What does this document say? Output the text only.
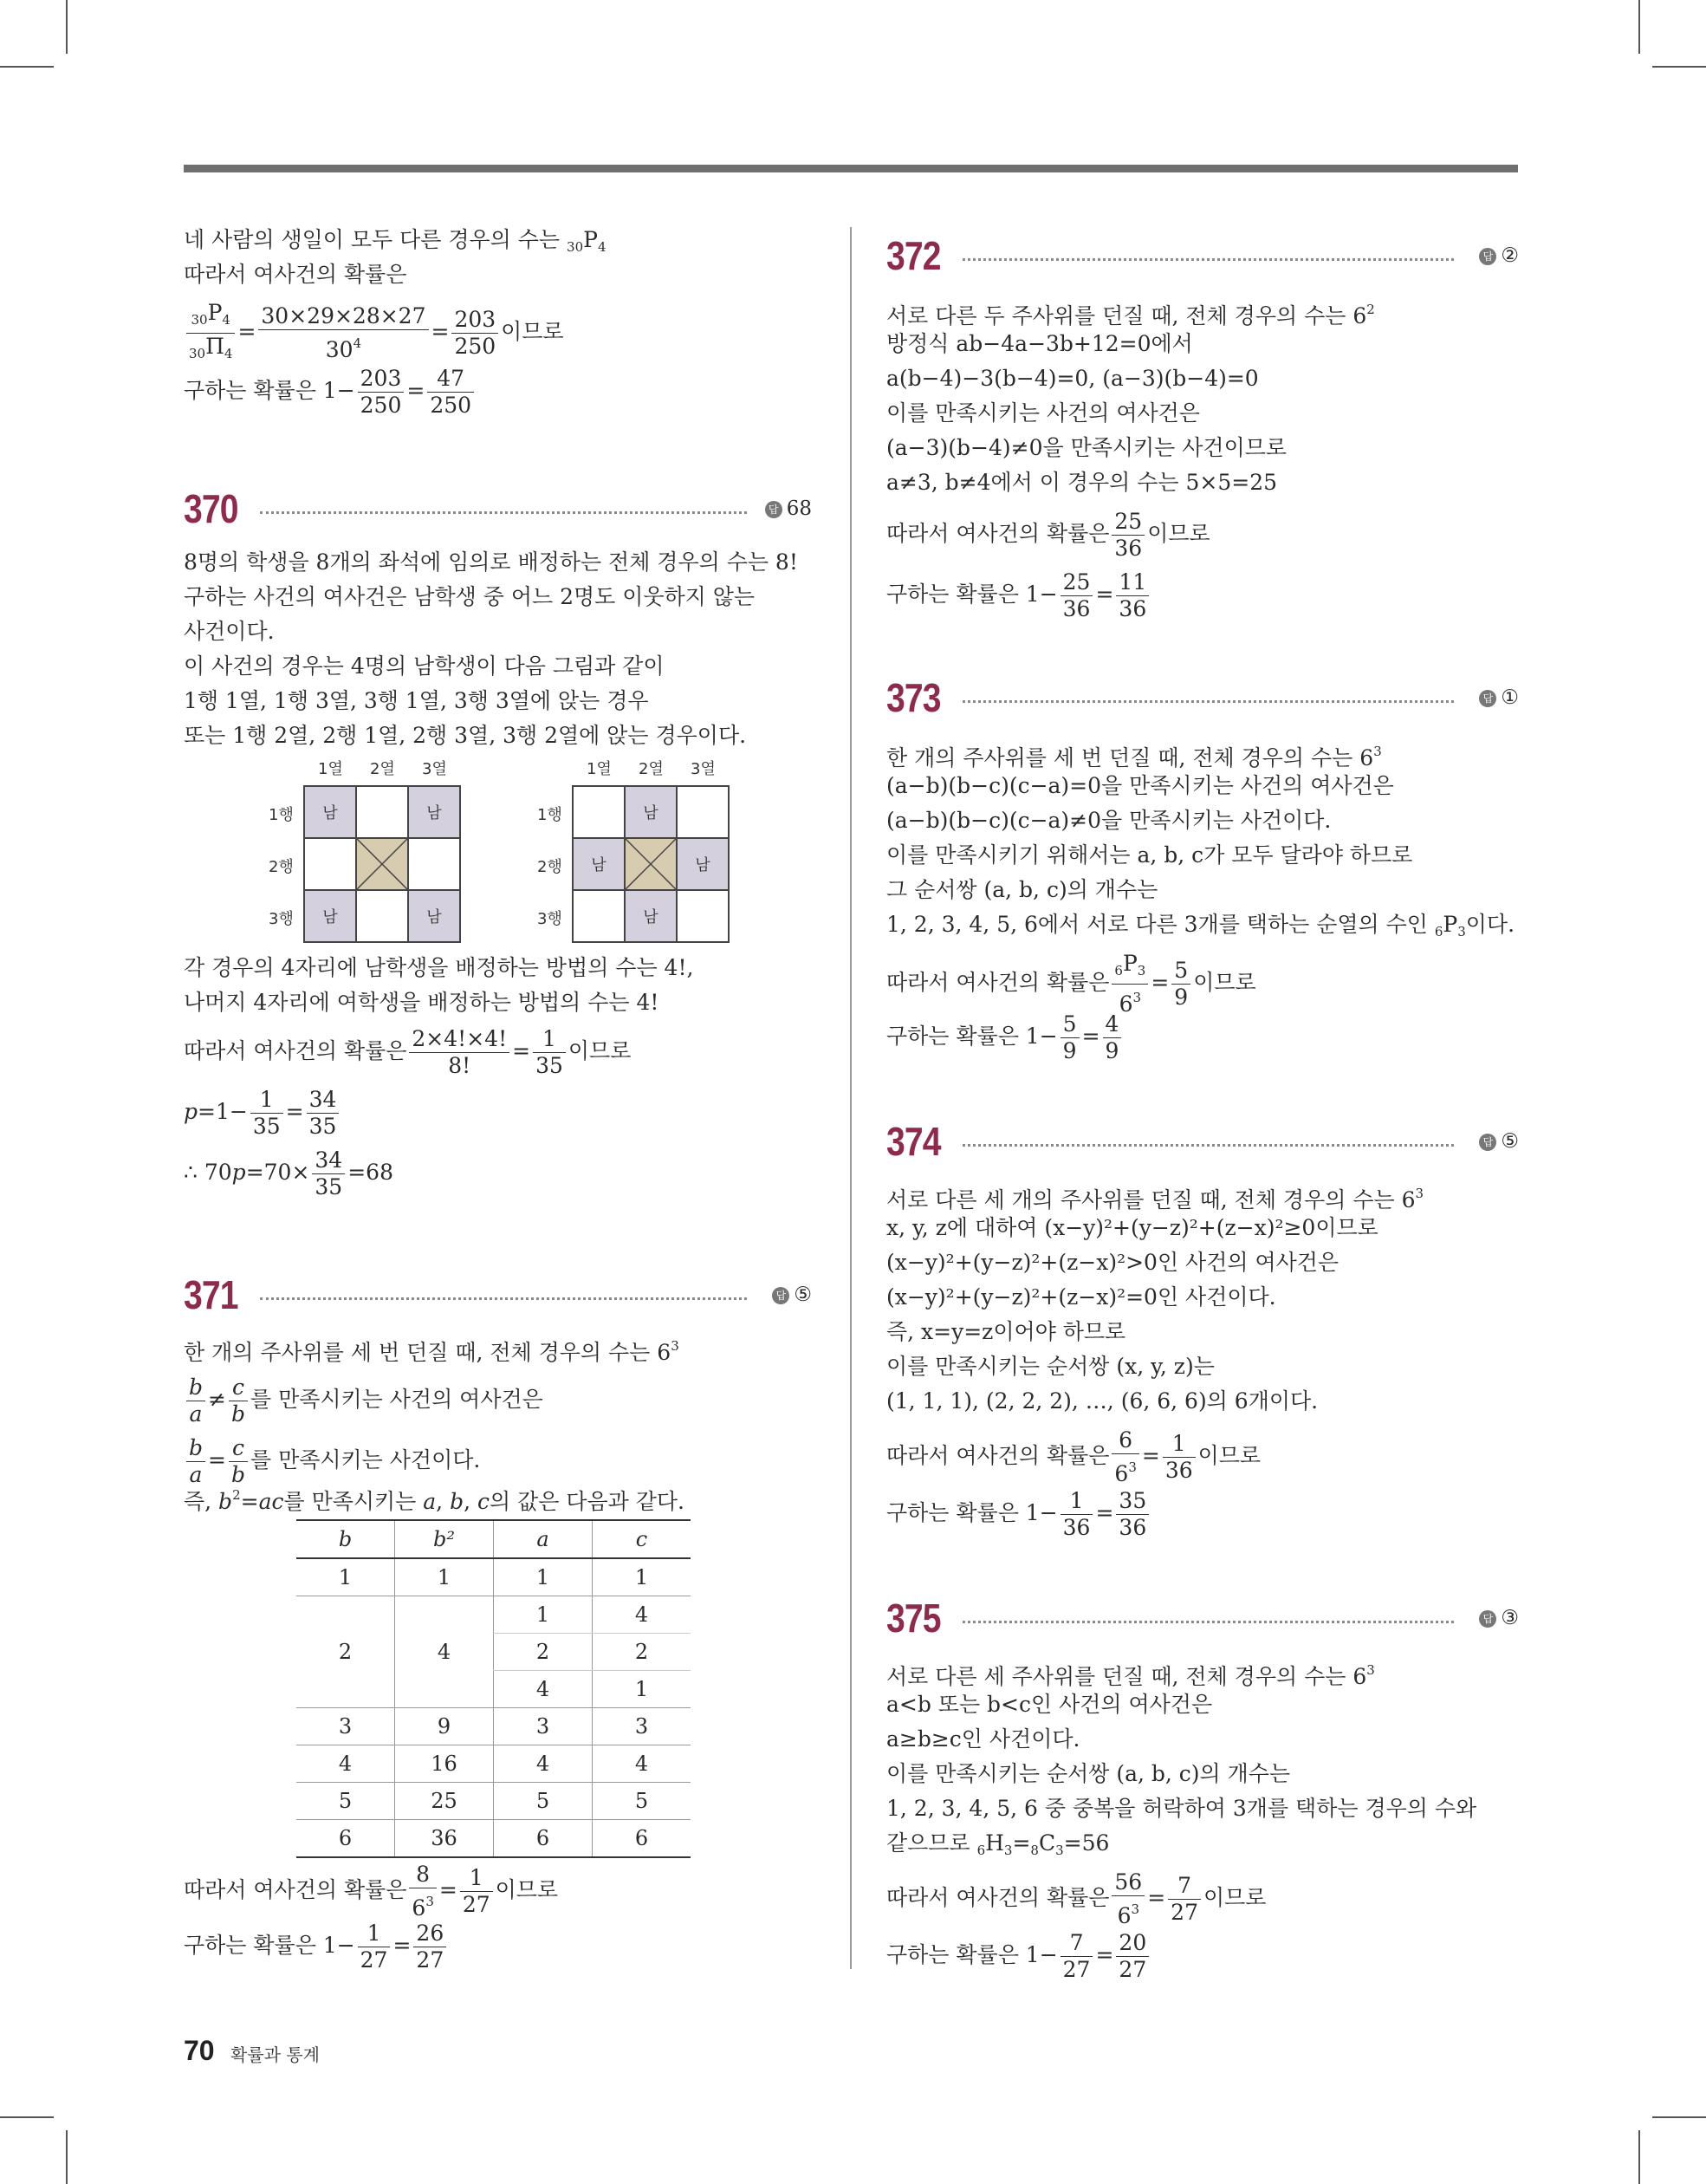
네 사람의 생일이 모두 다른 경우의 수는 $_{30}P_4$
따라서 여사건의 확률은
$\frac{_{30}P_4}{_{30}\Pi_4} = \frac{30\times 29\times 28\times 27}{30^4} = \frac{203}{250}$ 이므로
구하는 확률은 $1- \frac{203}{250} = \frac{47}{250}$
370	답 68
8명의 학생을 8개의 좌석에 임의로 배정하는 전체 경우의 수는 8!
구하는 사건의 여사건은 남학생 중 어느 2명도 이웃하지 않는
사건이다.
이 사건의 경우는 4명의 남학생이 다음 그림과 같이
1행 1열, 1행 3열, 3행 1열, 3행 3열에 앉는 경우
또는 1행 2열, 2행 1열, 2행 3열, 3행 2열에 앉는 경우이다.
1열 2열 3열
1행
2행
3행
남		남

남		남
1열 2열 3열
1행
2행
3행
	남	
남		남
	남	
각 경우의 4자리에 남학생을 배정하는 방법의 수는 4!,
나머지 4자리에 여학생을 배정하는 방법의 수는 4!
따라서 여사건의 확률은 $\frac{2\times 4!\times 4!}{8!} = \frac{1}{35}$ 이므로
$p=1- \frac{1}{35} = \frac{34}{35}$
∴ $70p=70\times \frac{34}{35} =68$
371	답 ⑤
한 개의 주사위를 세 번 던질 때, 전체 경우의 수는 $6^3$
$\frac{b}{a} \ne \frac{c}{b}$ 를 만족시키는 사건의 여사건은
$\frac{b}{a} = \frac{c}{b}$ 를 만족시키는 사건이다.
즉, $b^2=ac$를 만족시키는 a, b, c의 값은 다음과 같다.
b	b²	a	c
1	1	1	1
2	4	1	4
		2	2
		4	1
3	9	3	3
4	16	4	4
5	25	5	5
6	36	6	6
따라서 여사건의 확률은 $\frac{8}{6^3} = \frac{1}{27}$ 이므로
구하는 확률은 $1- \frac{1}{27} = \frac{26}{27}$
372	답 ②
서로 다른 두 주사위를 던질 때, 전체 경우의 수는 $6^2$
방정식 ab−4a−3b+12=0에서
a(b−4)−3(b−4)=0, (a−3)(b−4)=0
이를 만족시키는 사건의 여사건은
(a−3)(b−4)≠0을 만족시키는 사건이므로
a≠3, b≠4에서 이 경우의 수는 5×5=25
따라서 여사건의 확률은 $\frac{25}{36}$ 이므로
구하는 확률은 $1- \frac{25}{36} = \frac{11}{36}$
373	답 ①
한 개의 주사위를 세 번 던질 때, 전체 경우의 수는 $6^3$
(a−b)(b−c)(c−a)=0을 만족시키는 사건의 여사건은
(a−b)(b−c)(c−a)≠0을 만족시키는 사건이다.
이를 만족시키기 위해서는 a, b, c가 모두 달라야 하므로
그 순서쌍 (a, b, c)의 개수는
1, 2, 3, 4, 5, 6에서 서로 다른 3개를 택하는 순열의 수인 $_6P_3$이다.
따라서 여사건의 확률은 $\frac{_6P_3}{6^3} = \frac{5}{9}$ 이므로
구하는 확률은 $1- \frac{5}{9} = \frac{4}{9}$
374	답 ⑤
서로 다른 세 개의 주사위를 던질 때, 전체 경우의 수는 $6^3$
x, y, z에 대하여 (x−y)²+(y−z)²+(z−x)²≥0이므로
(x−y)²+(y−z)²+(z−x)²>0인 사건의 여사건은
(x−y)²+(y−z)²+(z−x)²=0인 사건이다.
즉, x=y=z이어야 하므로
이를 만족시키는 순서쌍 (x, y, z)는
(1, 1, 1), (2, 2, 2), …, (6, 6, 6)의 6개이다.
따라서 여사건의 확률은 $\frac{6}{6^3} = \frac{1}{36}$ 이므로
구하는 확률은 $1- \frac{1}{36} = \frac{35}{36}$
375	답 ③
서로 다른 세 주사위를 던질 때, 전체 경우의 수는 $6^3$
a<b 또는 b<c인 사건의 여사건은
a≥b≥c인 사건이다.
이를 만족시키는 순서쌍 (a, b, c)의 개수는
1, 2, 3, 4, 5, 6 중 중복을 허락하여 3개를 택하는 경우의 수와
같으므로 $_6H_3=_8C_3=56$
따라서 여사건의 확률은 $\frac{56}{6^3} = \frac{7}{27}$ 이므로
구하는 확률은 $1- \frac{7}{27} = \frac{20}{27}$
70 확률과 통계
